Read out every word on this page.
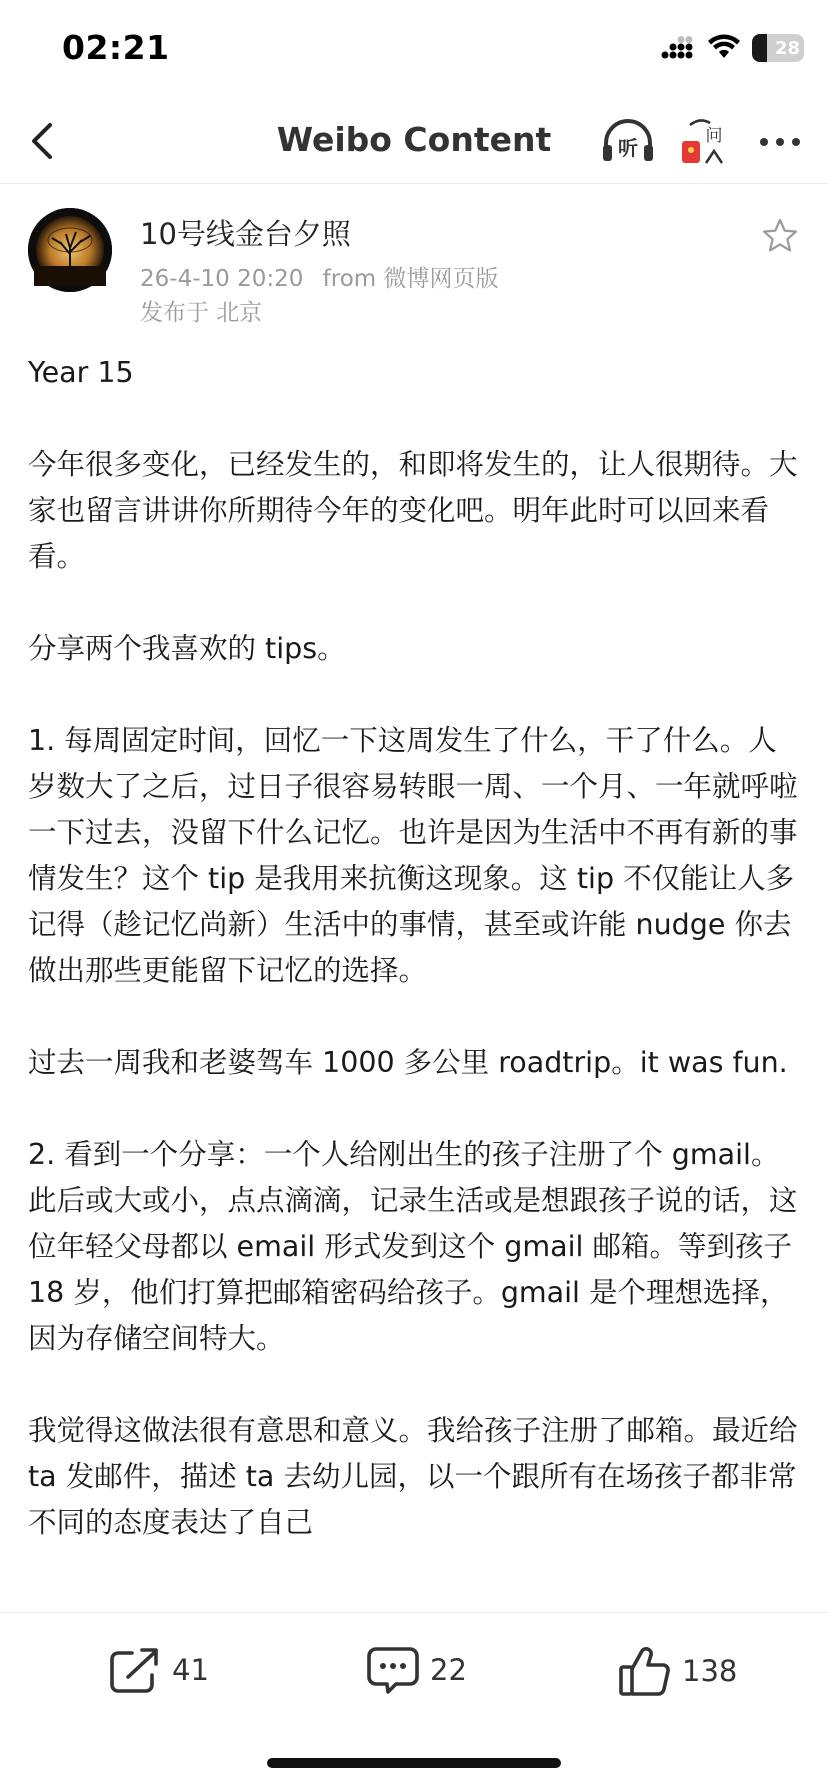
02:21	28
Weibo Content	听	问
10号线金台夕照
26-4-10 20:20 from 微博网页版
发布于 北京

Year 15

今年很多变化，已经发生的，和即将发生的，让人很期待。大家也留言讲讲你所期待今年的变化吧。明年此时可以回来看看。

分享两个我喜欢的 tips。

1. 每周固定时间，回忆一下这周发生了什么，干了什么。人岁数大了之后，过日子很容易转眼一周、一个月、一年就呼啦一下过去，没留下什么记忆。也许是因为生活中不再有新的事情发生？这个 tip 是我用来抗衡这现象。这 tip 不仅能让人多记得（趁记忆尚新）生活中的事情，甚至或许能 nudge 你去做出那些更能留下记忆的选择。

过去一周我和老婆驾车 1000 多公里 roadtrip。it was fun.

2. 看到一个分享：一个人给刚出生的孩子注册了个 gmail。此后或大或小，点点滴滴，记录生活或是想跟孩子说的话，这位年轻父母都以 email 形式发到这个 gmail 邮箱。等到孩子 18 岁，他们打算把邮箱密码给孩子。gmail 是个理想选择，因为存储空间特大。

我觉得这做法很有意思和意义。我给孩子注册了邮箱。最近给 ta 发邮件，描述 ta 去幼儿园，以一个跟所有在场孩子都非常不同的态度表达了自己

41	22	138
